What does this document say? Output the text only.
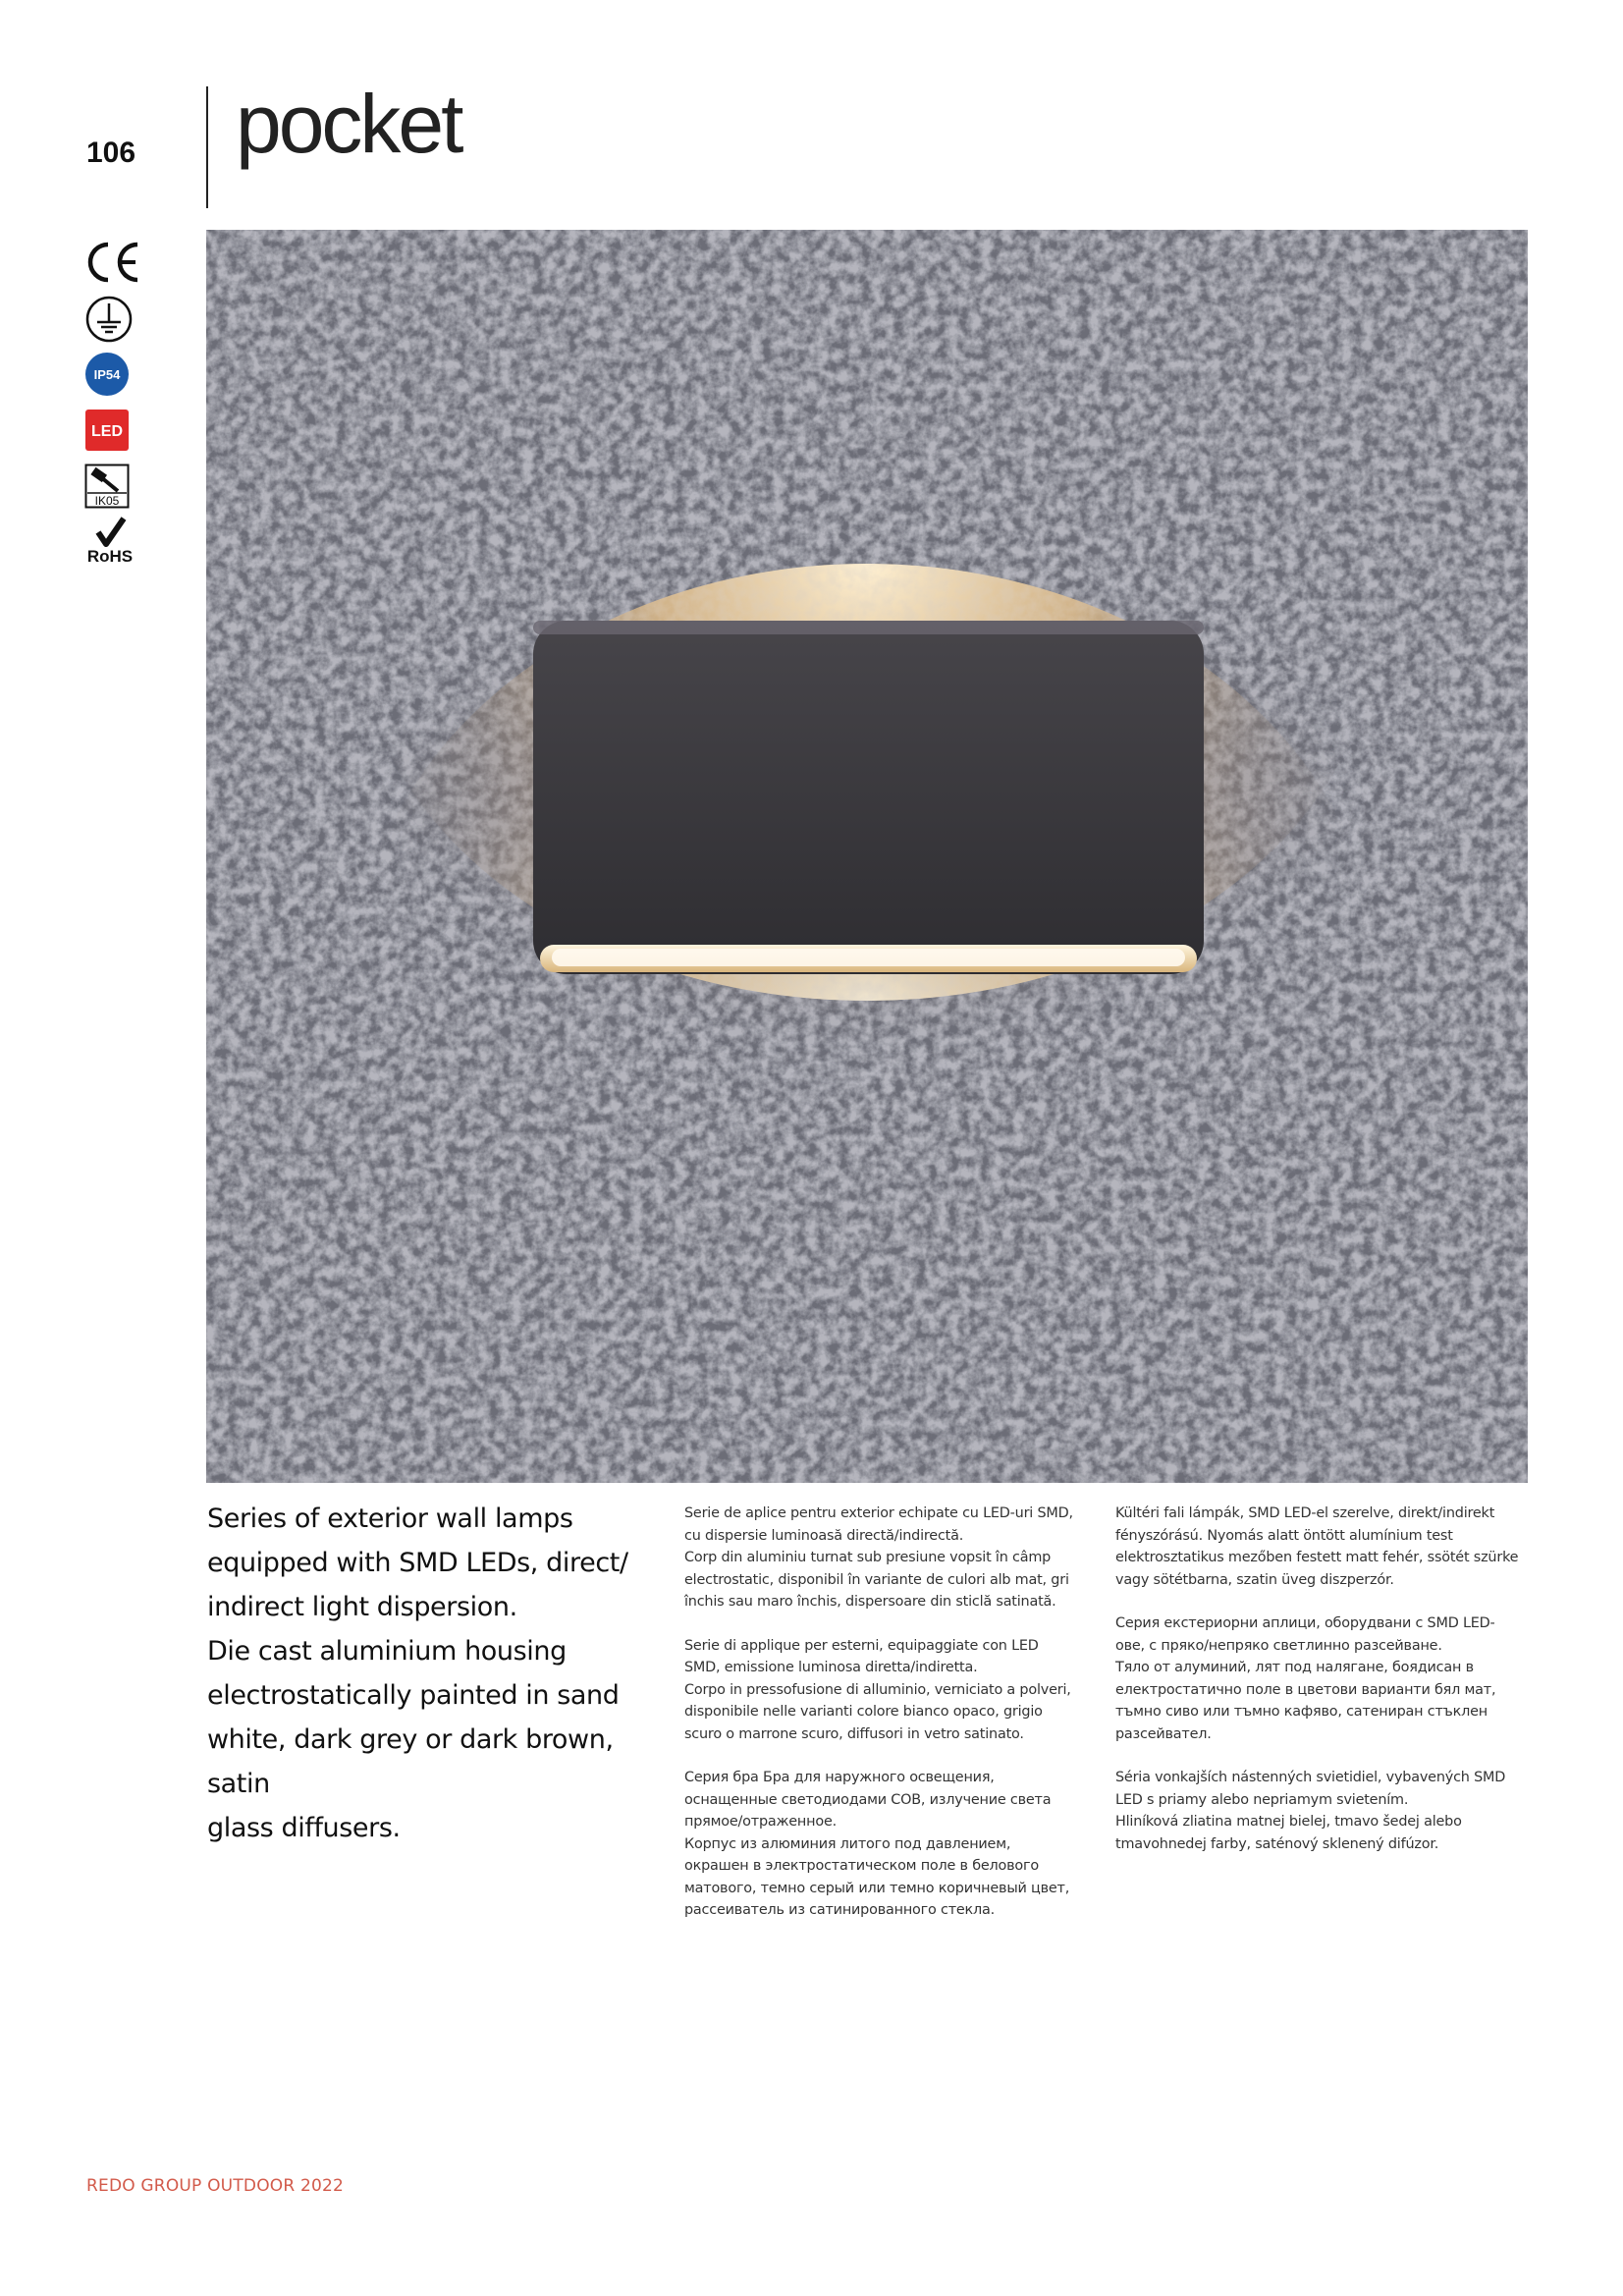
106 pocket
IP54
LED
IK05
RoHS

Series of exterior wall lamps

equipped with SMD LEDs, direct/

indirect light dispersion.

Die cast aluminium housing

electrostatically painted in sand

white, dark grey or dark brown, satin

glass diffusers.

Serie de aplice pentru exterior echipate cu LED-uri SMD,
cu dispersie luminoasă directă/indirectă.
Corp din aluminiu turnat sub presiune vopsit în câmp
electrostatic, disponibil în variante de culori alb mat, gri
închis sau maro închis, dispersoare din sticlă satinată.
Serie di applique per esterni, equipaggiate con LED
SMD, emissione luminosa diretta/indiretta.
Corpo in pressofusione di alluminio, verniciato a polveri,
disponibile nelle varianti colore bianco opaco, grigio
scuro o marrone scuro, diffusori in vetro satinato.
Серия бра Бра для наружного освещения,
оснащенные светодиодами COB, излучение света
прямое/отраженное.
Корпус из алюминия литого под давлением,
окрашен в электростатическом поле в белового
матового, темно серый или темно коричневый цвет,
рассеиватель из сатинированного стекла.
Kültéri fali lámpák, SMD LED-el szerelve, direkt/indirekt
fényszórású. Nyomás alatt öntött alumínium test
elektrosztatikus mezőben festett matt fehér, ssötét szürke
vagy sötétbarna, szatin üveg diszperzór.
Серия екстериорни аплици, оборудвани с SMD LED-
ове, с пряко/непряко светлинно разсейване.
Тяло от алуминий, лят под налягане, боядисан в
електростатично поле в цветови варианти бял мат,
тъмно сиво или тъмно кафяво, сатениран стъклен
разсейвател.
Séria vonkajších nástenných svietidiel, vybavených SMD
LED s priamy alebo nepriamym svietením.
Hliníková zliatina matnej bielej, tmavo šedej alebo
tmavohnedej farby, saténový sklenený difúzor.
REDO GROUP OUTDOOR 2022
